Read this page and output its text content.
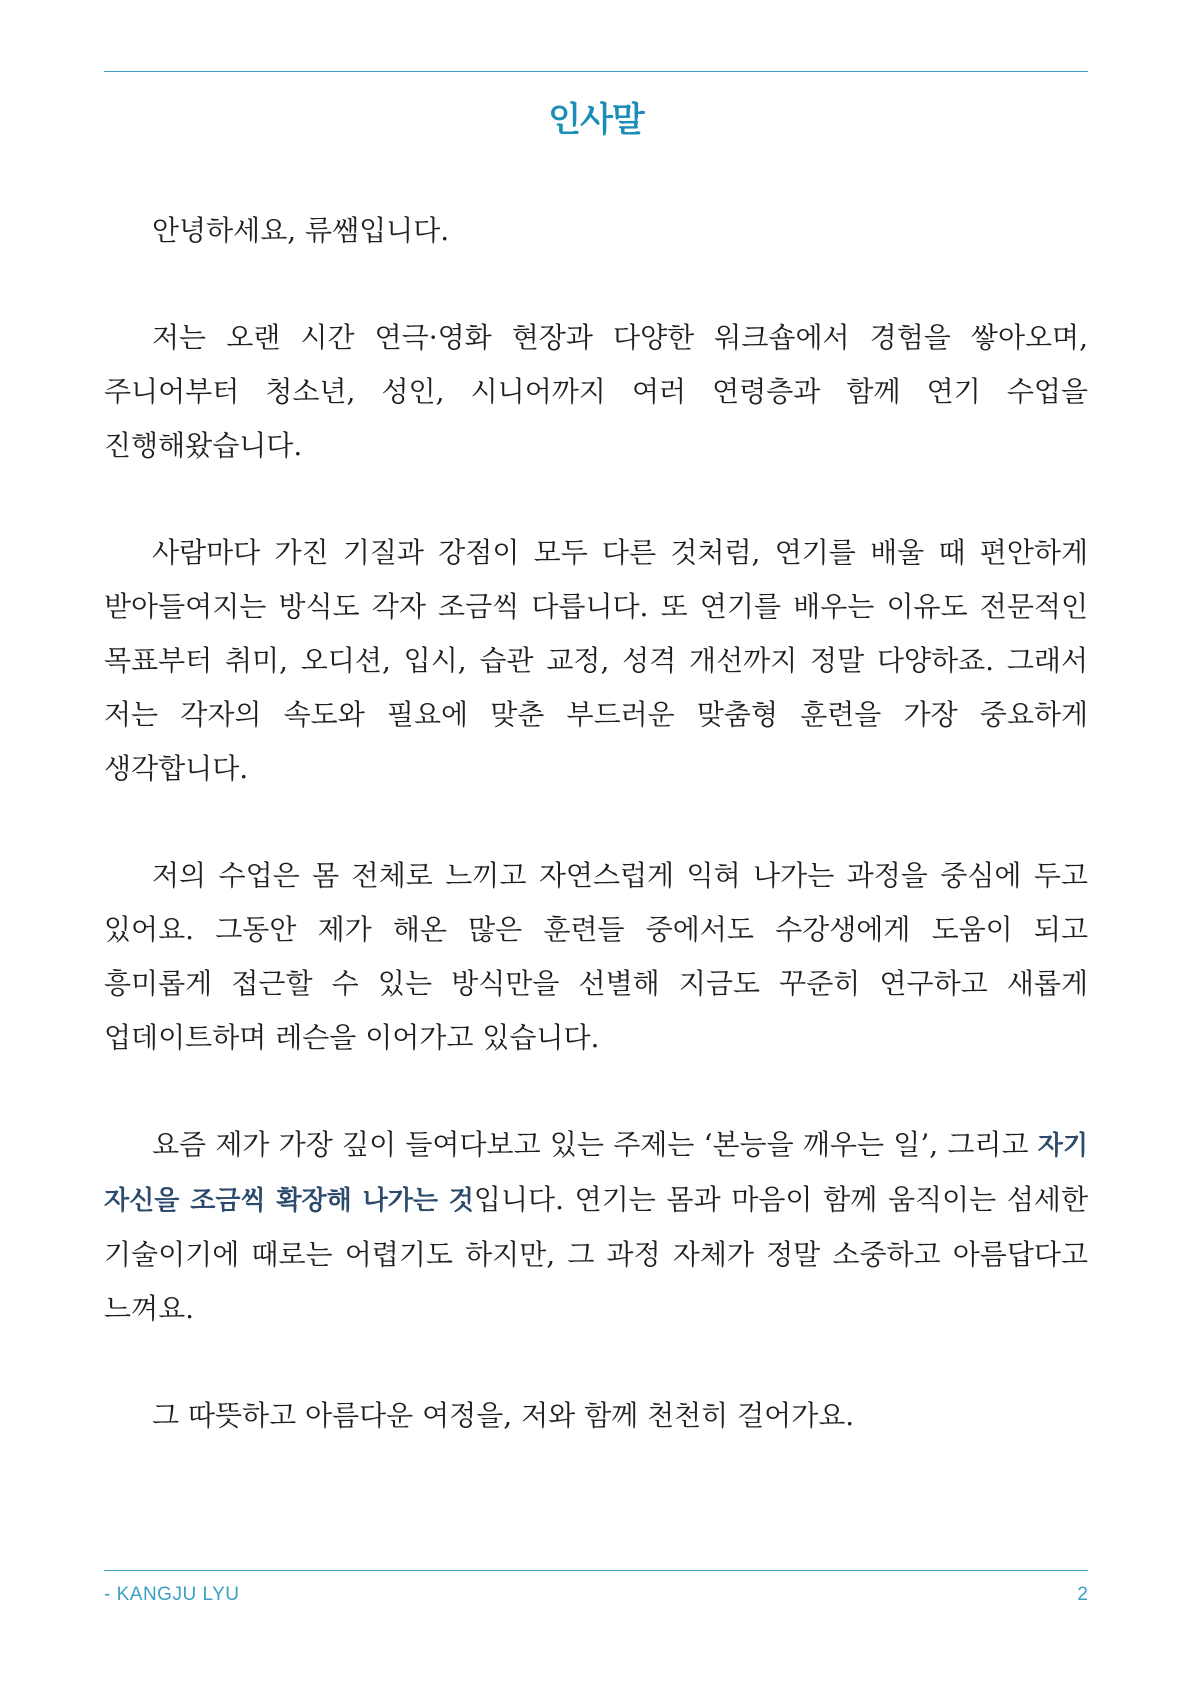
인사말

안녕하세요, 류쌤입니다.

저는 오랜 시간 연극·영화 현장과 다양한 워크숍에서 경험을 쌓아오며, 주니어부터 청소년, 성인, 시니어까지 여러 연령층과 함께 연기 수업을 진행해왔습니다.

사람마다 가진 기질과 강점이 모두 다른 것처럼, 연기를 배울 때 편안하게 받아들여지는 방식도 각자 조금씩 다릅니다. 또 연기를 배우는 이유도 전문적인 목표부터 취미, 오디션, 입시, 습관 교정, 성격 개선까지 정말 다양하죠. 그래서 저는 각자의 속도와 필요에 맞춘 부드러운 맞춤형 훈련을 가장 중요하게 생각합니다.

저의 수업은 몸 전체로 느끼고 자연스럽게 익혀 나가는 과정을 중심에 두고 있어요. 그동안 제가 해온 많은 훈련들 중에서도 수강생에게 도움이 되고 흥미롭게 접근할 수 있는 방식만을 선별해 지금도 꾸준히 연구하고 새롭게 업데이트하며 레슨을 이어가고 있습니다.

요즘 제가 가장 깊이 들여다보고 있는 주제는 ‘본능을 깨우는 일’, 그리고 자기 자신을 조금씩 확장해 나가는 것입니다. 연기는 몸과 마음이 함께 움직이는 섬세한 기술이기에 때로는 어렵기도 하지만, 그 과정 자체가 정말 소중하고 아름답다고 느껴요.

그 따뜻하고 아름다운 여정을, 저와 함께 천천히 걸어가요.

- KANGJU LYU	2
